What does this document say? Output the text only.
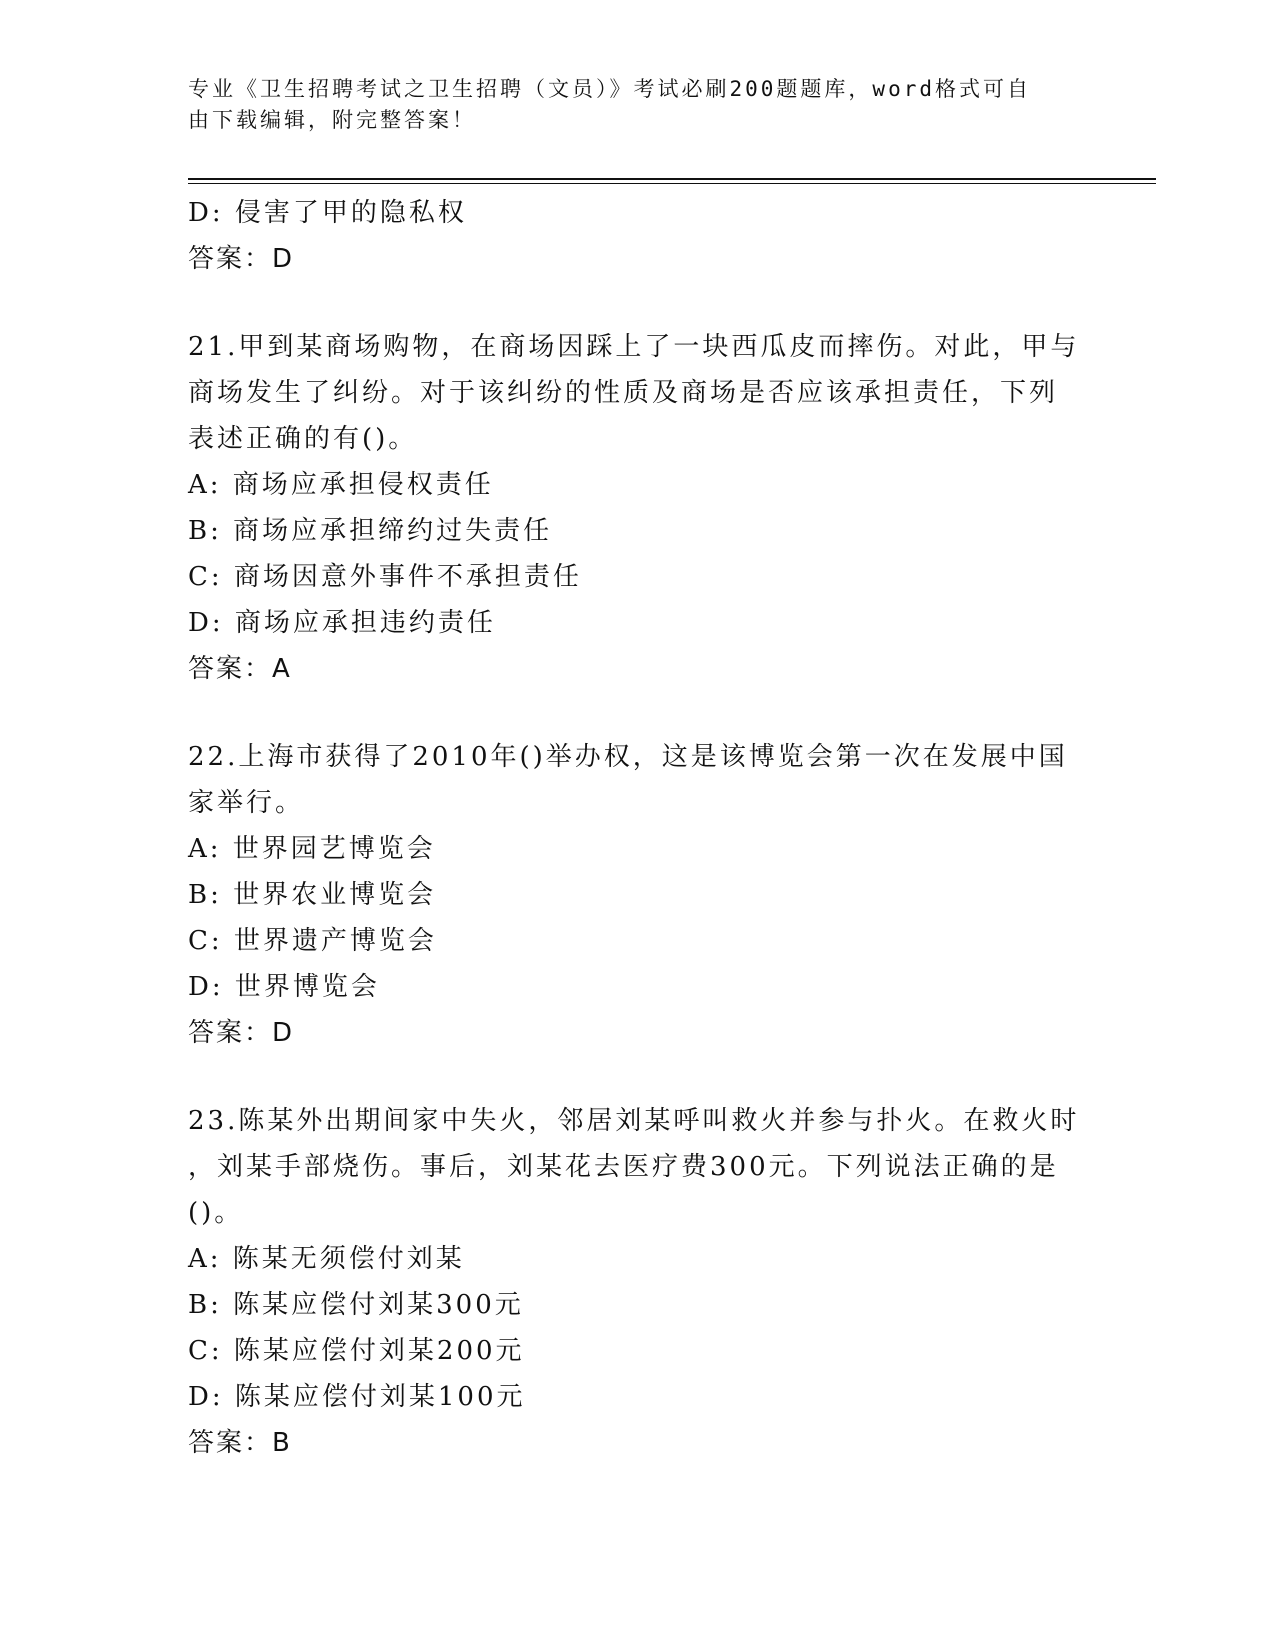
专业《卫生招聘考试之卫生招聘（文员）》考试必刷200题题库，word格式可自
由下载编辑，附完整答案！
D: 侵害了甲的隐私权
答案：D
21.甲到某商场购物，在商场因踩上了一块西瓜皮而摔伤。对此，甲与
商场发生了纠纷。对于该纠纷的性质及商场是否应该承担责任，下列
表述正确的有()。
A: 商场应承担侵权责任
B: 商场应承担缔约过失责任
C: 商场因意外事件不承担责任
D: 商场应承担违约责任
答案：A
22.上海市获得了2010年()举办权，这是该博览会第一次在发展中国
家举行。
A: 世界园艺博览会
B: 世界农业博览会
C: 世界遗产博览会
D: 世界博览会
答案：D
23.陈某外出期间家中失火，邻居刘某呼叫救火并参与扑火。在救火时
，刘某手部烧伤。事后，刘某花去医疗费300元。下列说法正确的是
()。
A: 陈某无须偿付刘某
B: 陈某应偿付刘某300元
C: 陈某应偿付刘某200元
D: 陈某应偿付刘某100元
答案：B
